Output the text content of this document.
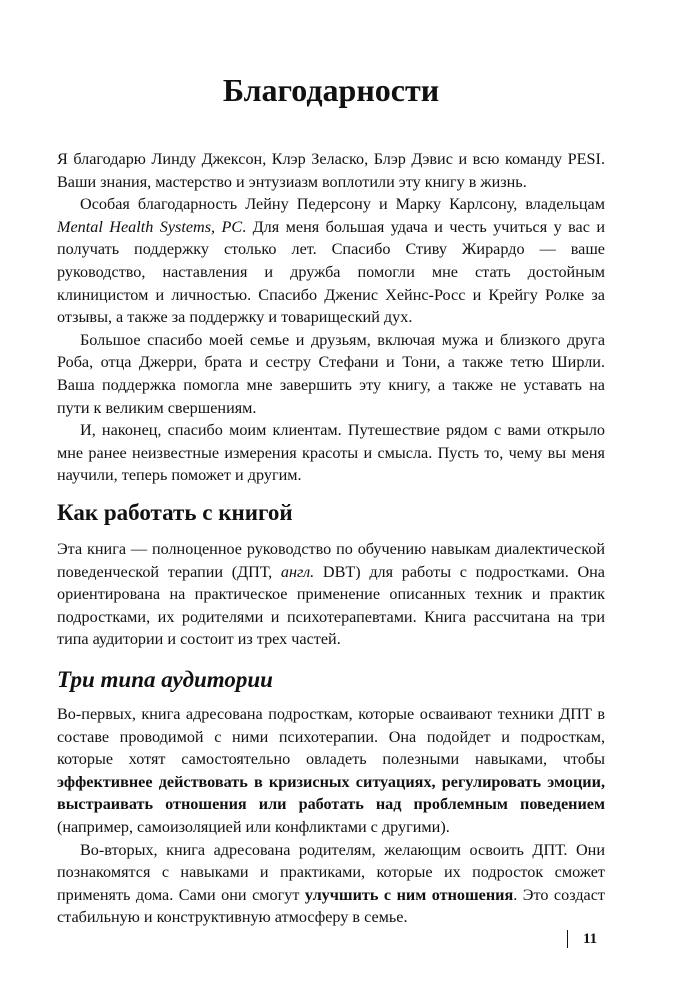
Благодарности

Я благодарю Линду Джексон, Клэр Зеласко, Блэр Дэвис и всю команду PESI. Ваши знания, мастерство и энтузиазм воплотили эту книгу в жизнь.

Особая благодарность Лейну Педерсону и Марку Карлсону, владельцам Mental Health Systems, PC. Для меня большая удача и честь учиться у вас и получать поддержку столько лет. Спасибо Стиву Жирардо — ваше руководство, наставления и дружба помогли мне стать достойным клиницистом и личностью. Спасибо Дженис Хейнс-Росс и Крейгу Ролке за отзывы, а также за поддержку и товарищеский дух.

Большое спасибо моей семье и друзьям, включая мужа и близкого друга Роба, отца Джерри, брата и сестру Стефани и Тони, а также тетю Ширли. Ваша поддержка помогла мне завершить эту книгу, а также не уставать на пути к великим свершениям.

И, наконец, спасибо моим клиентам. Путешествие рядом с вами открыло мне ранее неизвестные измерения красоты и смысла. Пусть то, чему вы меня научили, теперь поможет и другим.

Как работать с книгой

Эта книга — полноценное руководство по обучению навыкам диалектической поведенческой терапии (ДПТ, англ. DBT) для работы с подростками. Она ориентирована на практическое применение описанных техник и практик подростками, их родителями и психотерапевтами. Книга рассчитана на три типа аудитории и состоит из трех частей.

Три типа аудитории

Во-первых, книга адресована подросткам, которые осваивают техники ДПТ в составе проводимой с ними психотерапии. Она подойдет и подросткам, которые хотят самостоятельно овладеть полезными навыками, чтобы эффективнее действовать в кризисных ситуациях, регулировать эмоции, выстраивать отношения или работать над проблемным поведением (например, самоизоляцией или конфликтами с другими).

Во-вторых, книга адресована родителям, желающим освоить ДПТ. Они познакомятся с навыками и практиками, которые их подросток сможет применять дома. Сами они смогут улучшить с ним отношения. Это создаст стабильную и конструктивную атмосферу в семье.

11
